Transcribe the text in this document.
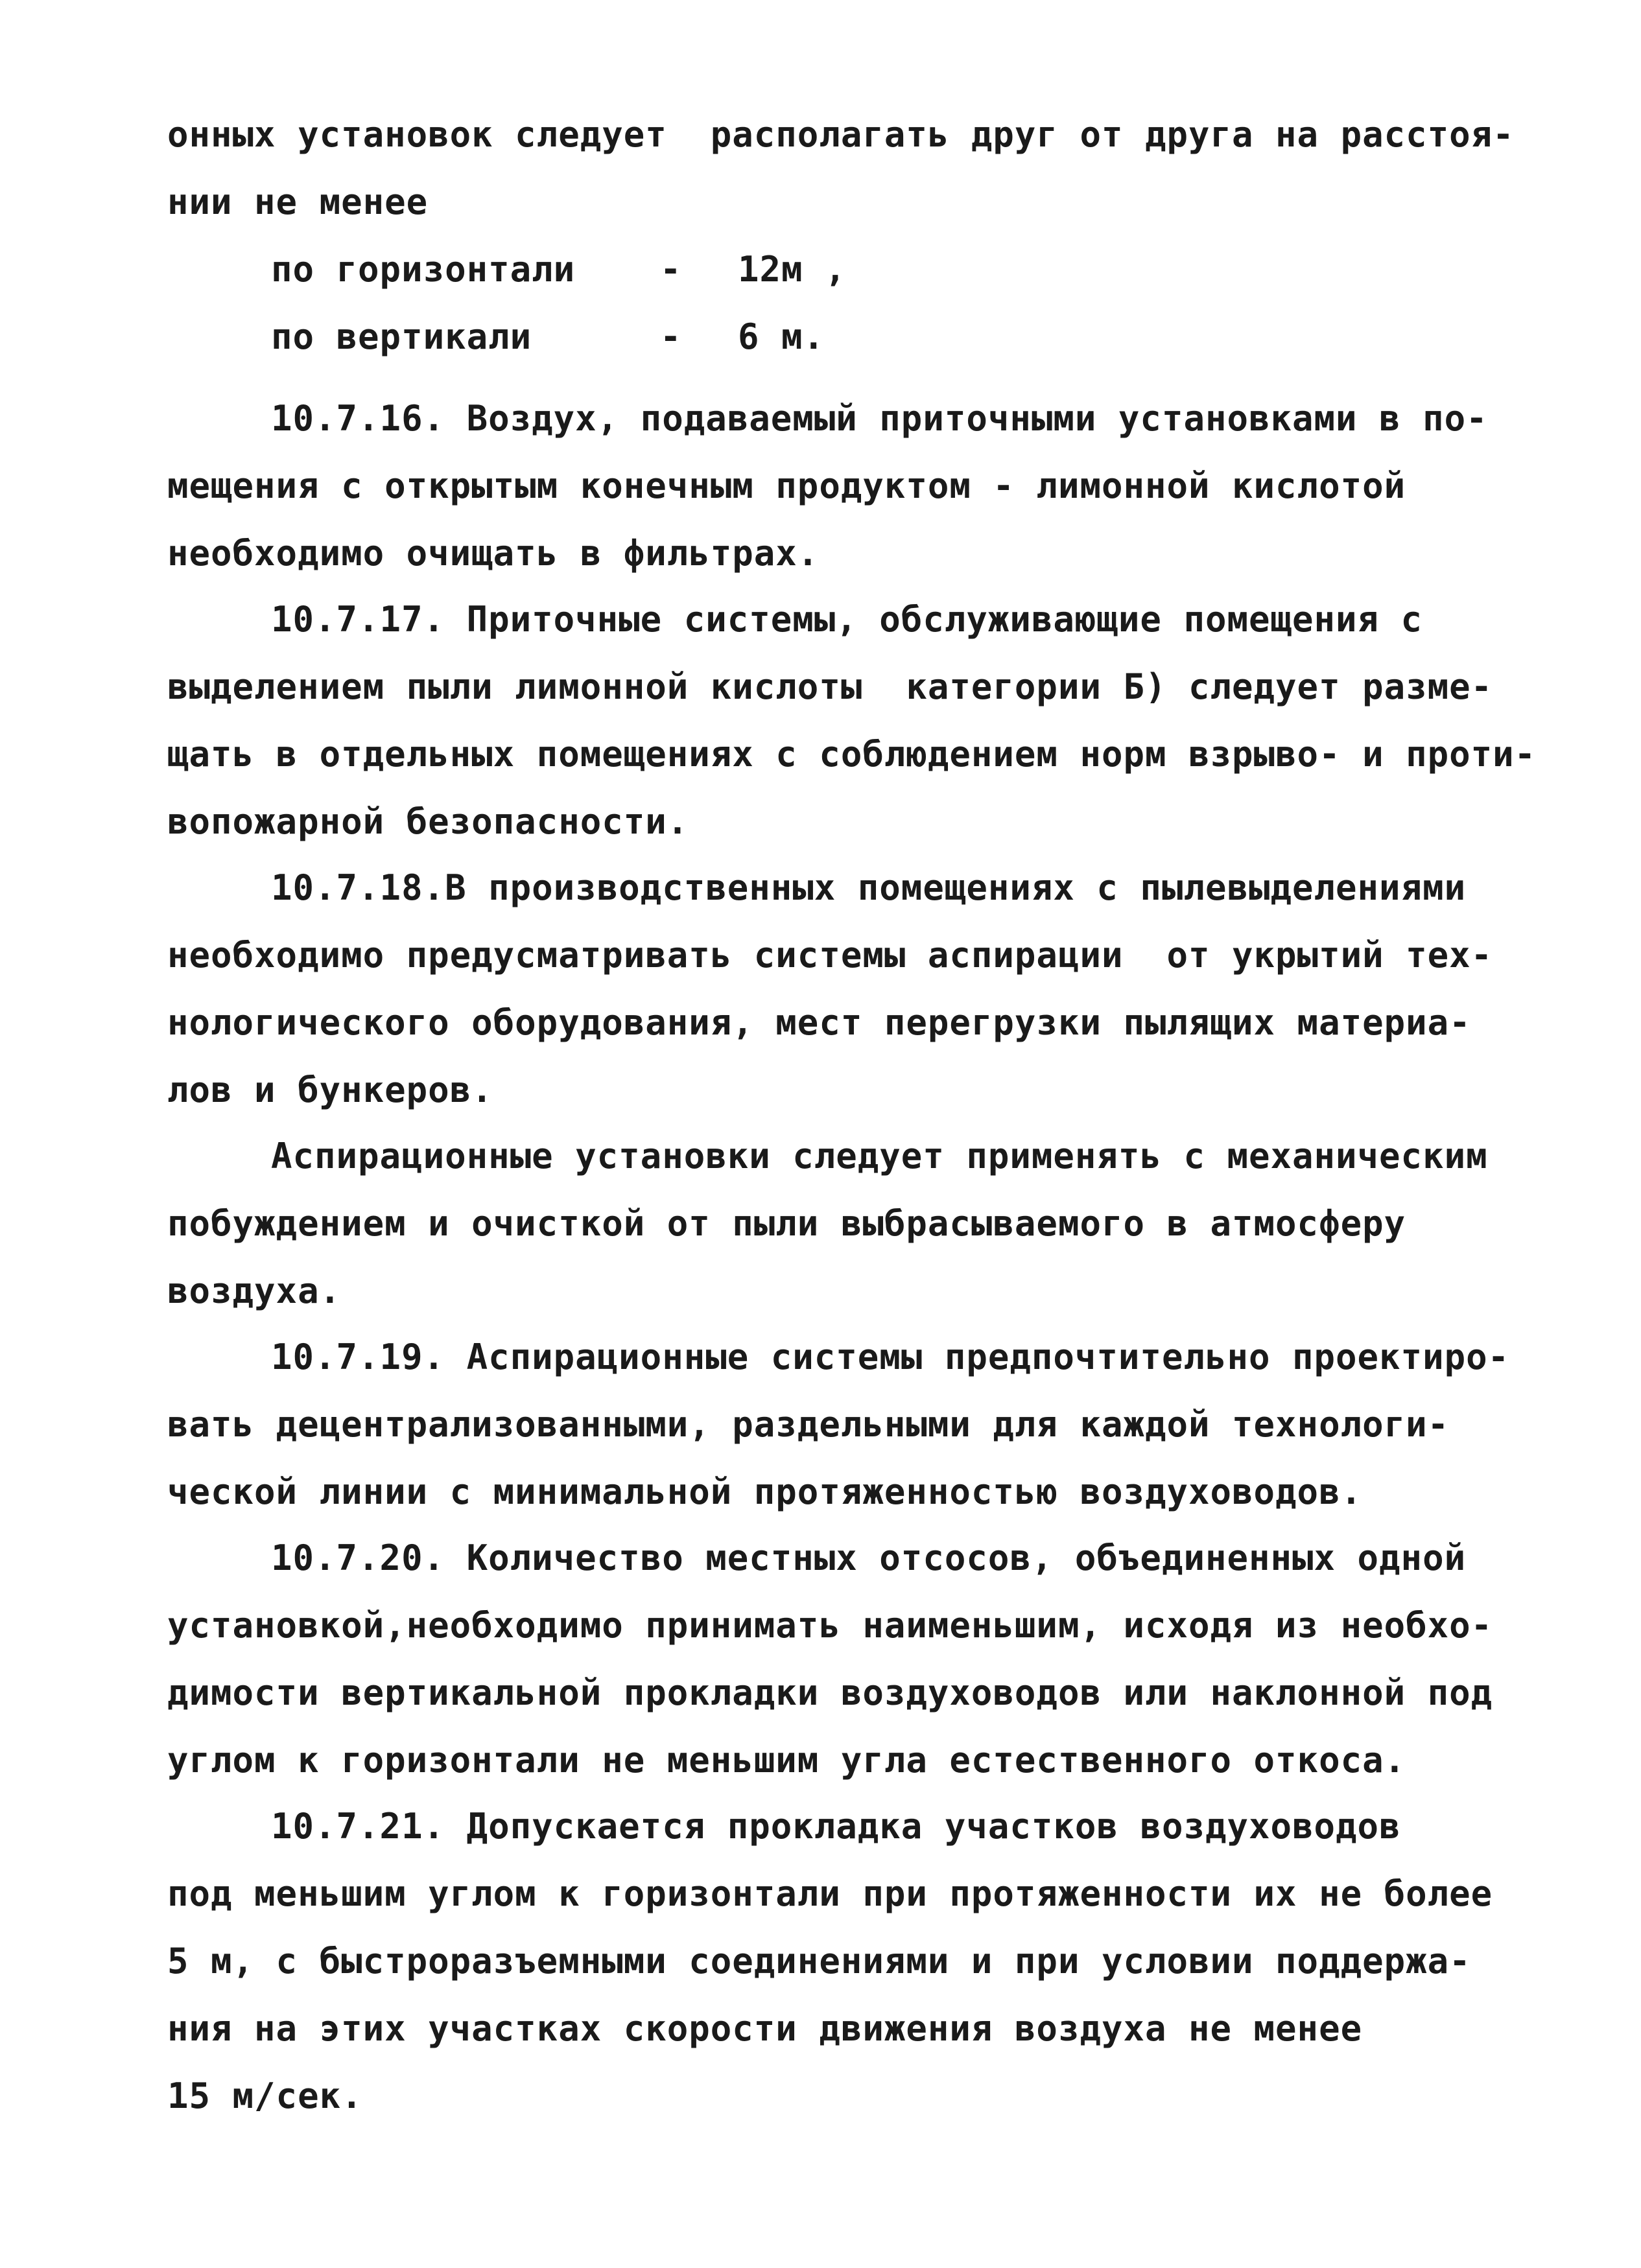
онных установок следует  располагать друг от друга на расстоя-
нии не менее
по горизонтали - 12м ,
по вертикали	- 6 м.
10.7.16. Воздух, подаваемый приточными установками в по-
мещения с открытым конечным продуктом - лимонной кислотой
необходимо очищать в фильтрах.
10.7.17. Приточные системы, обслуживающие помещения с
выделением пыли лимонной кислоты  категории Б) следует разме-
щать в отдельных помещениях с соблюдением норм взрыво- и проти-
вопожарной безопасности.
10.7.18.В производственных помещениях с пылевыделениями
необходимо предусматривать системы аспирации  от укрытий тех-
нологического оборудования, мест перегрузки пылящих материа-
лов и бункеров.
Аспирационные установки следует применять с механическим
побуждением и очисткой от пыли выбрасываемого в атмосферу
воздуха.
10.7.19. Аспирационные системы предпочтительно проектиро-
вать децентрализованными, раздельными для каждой технологи-
ческой линии с минимальной протяженностью воздуховодов.
10.7.20. Количество местных отсосов, объединенных одной
установкой,необходимо принимать наименьшим, исходя из необхо-
димости вертикальной прокладки воздуховодов или наклонной под
углом к горизонтали не меньшим угла естественного откоса.
10.7.21. Допускается прокладка участков воздуховодов
под меньшим углом к горизонтали при протяженности их не более
5 м, с быстроразъемными соединениями и при условии поддержа-
ния на этих участках скорости движения воздуха не менее
15 м/сек.
